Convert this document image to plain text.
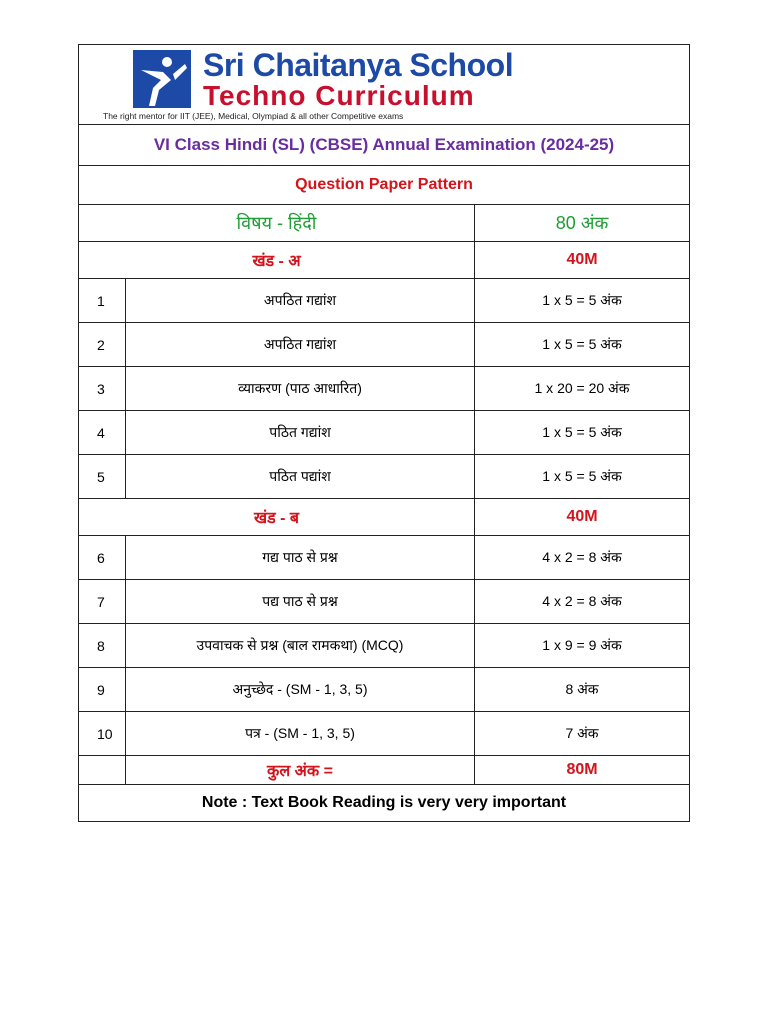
Sri Chaitanya School
Techno Curriculum
The right mentor for IIT (JEE), Medical, Olympiad & all other Competitive exams		

VI Class Hindi (SL) (CBSE) Annual Examination (2024-25)		
Question Paper Pattern		
विषय - हिंदी		80 अंक
खंड - अ		40M
1	अपठित गद्यांश	1 x 5 = 5 अंक
2	अपठित गद्यांश	1 x 5 = 5 अंक
3	व्याकरण (पाठ आधारित)	1 x 20 = 20 अंक
4	पठित गद्यांश	1 x 5 = 5 अंक
5	पठित पद्यांश	1 x 5 = 5 अंक
खंड - ब		40M
6	गद्य पाठ से प्रश्न	4 x 2 = 8 अंक
7	पद्य पाठ से प्रश्न	4 x 2 = 8 अंक
8	उपवाचक से प्रश्न (बाल रामकथा) (MCQ)	1 x 9 = 9 अंक
9	अनुच्छेद - (SM - 1, 3, 5)	8 अंक
10	पत्र - (SM - 1, 3, 5)	7 अंक
	कुल अंक =	80M
Note : Text Book Reading is very very important		
